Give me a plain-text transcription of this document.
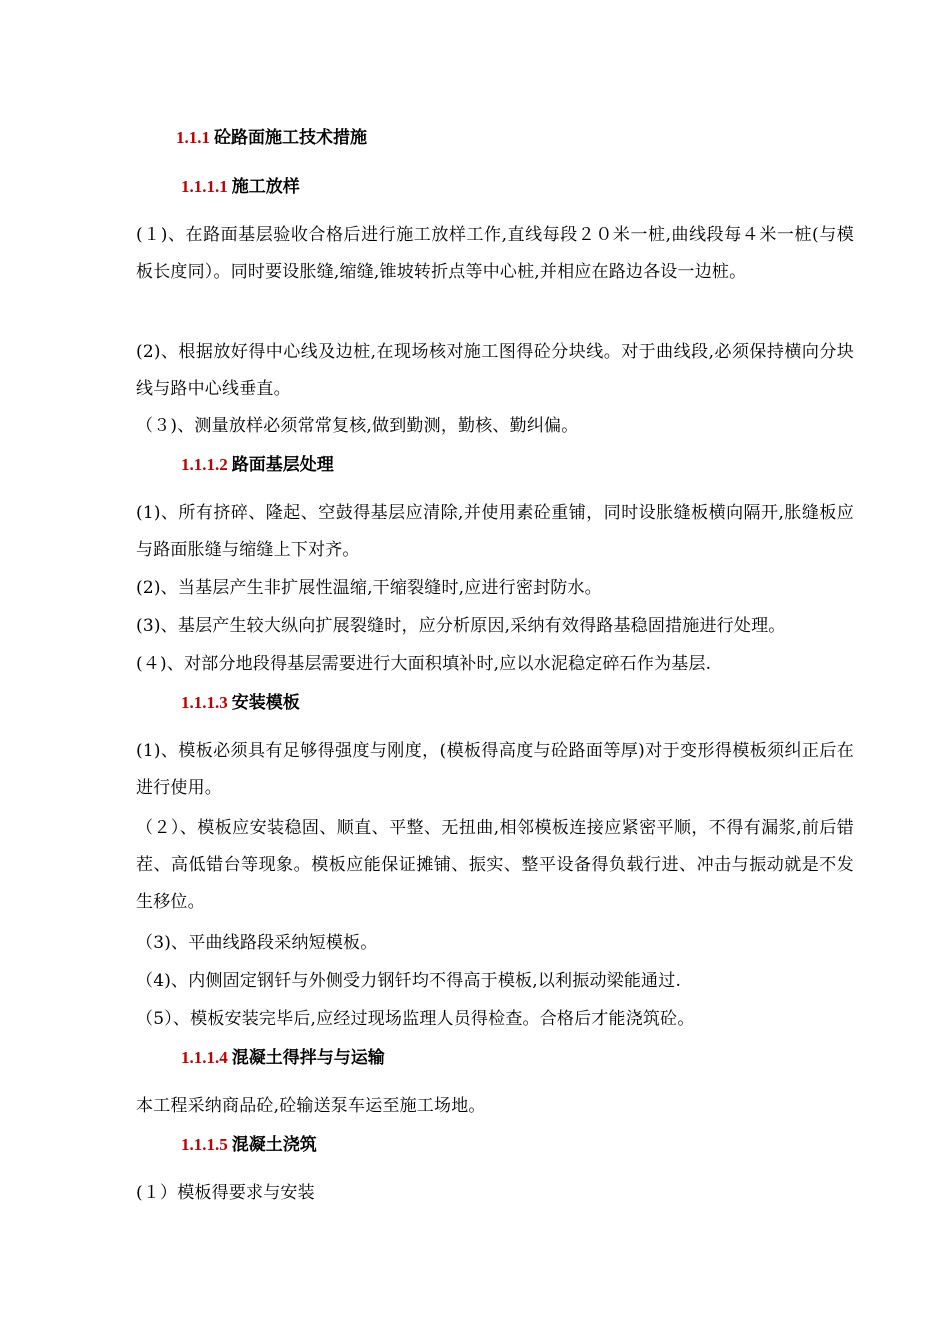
1.1.1 砼路面施工技术措施
1.1.1.1 施工放样
(１)、在路面基层验收合格后进行施工放样工作,直线每段２０米一桩,曲线段每４米一桩(与模板长度同）。同时要设胀缝,缩缝,锥坡转折点等中心桩,并相应在路边各设一边桩。
(2)、根据放好得中心线及边桩,在现场核对施工图得砼分块线。对于曲线段,必须保持横向分块线与路中心线垂直。
（３)、测量放样必须常常复核,做到勤测，勤核、勤纠偏。
1.1.1.2 路面基层处理
(1)、所有挤碎、隆起、空鼓得基层应清除,并使用素砼重铺，同时设胀缝板横向隔开,胀缝板应与路面胀缝与缩缝上下对齐。
(2)、当基层产生非扩展性温缩,干缩裂缝时,应进行密封防水。
(3)、基层产生较大纵向扩展裂缝时，应分析原因,采纳有效得路基稳固措施进行处理。
(４)、对部分地段得基层需要进行大面积填补时,应以水泥稳定碎石作为基层.
1.1.1.3 安装模板
(1)、模板必须具有足够得强度与刚度，(模板得高度与砼路面等厚)对于变形得模板须纠正后在进行使用。
（２）、模板应安装稳固、顺直、平整、无扭曲,相邻模板连接应紧密平顺，不得有漏浆,前后错茬、高低错台等现象。模板应能保证摊铺、振实、整平设备得负载行进、冲击与振动就是不发生移位。
（3)、平曲线路段采纳短模板。
（4)、内侧固定钢钎与外侧受力钢钎均不得高于模板,以利振动梁能通过.
（5）、模板安装完毕后,应经过现场监理人员得检查。合格后才能浇筑砼。
1.1.1.4 混凝土得拌与与运输
本工程采纳商品砼,砼输送泵车运至施工场地。
1.1.1.5 混凝土浇筑
(１）模板得要求与安装
